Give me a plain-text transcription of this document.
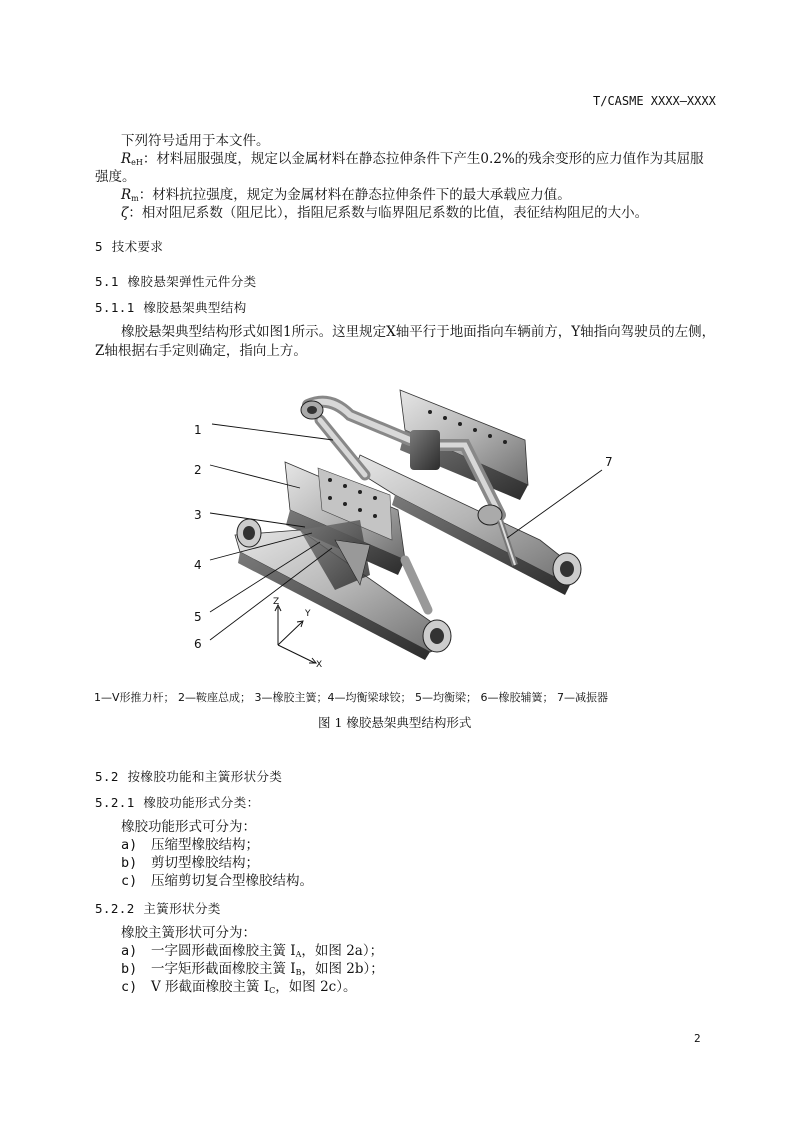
T/CASME XXXX—XXXX
下列符号适用于本文件。
$R_{eH}$：材料屈服强度，规定以金属材料在静态拉伸条件下产生0.2%的残余变形的应力值作为其屈服
强度。
$R_m$：材料抗拉强度，规定为金属材料在静态拉伸条件下的最大承载应力值。
ζ：相对阻尼系数（阻尼比），指阻尼系数与临界阻尼系数的比值，表征结构阻尼的大小。
5 技术要求
5.1 橡胶悬架弹性元件分类
5.1.1 橡胶悬架典型结构
橡胶悬架典型结构形式如图1所示。这里规定X轴平行于地面指向车辆前方，Y轴指向驾驶员的左侧，
Z轴根据右手定则确定，指向上方。
1
2
3
4
5
6
7
Z
Y
X
1—V形推力杆； 2—鞍座总成； 3—橡胶主簧；4—均衡梁球铰； 5—均衡梁； 6—橡胶辅簧； 7—减振器
图 1 橡胶悬架典型结构形式
5.2 按橡胶功能和主簧形状分类
5.2.1 橡胶功能形式分类：
橡胶功能形式可分为：
a) 压缩型橡胶结构；
b) 剪切型橡胶结构；
c) 压缩剪切复合型橡胶结构。
5.2.2 主簧形状分类
橡胶主簧形状可分为：
a) 一字圆形截面橡胶主簧 $Ⅰ_A$，如图 2a）；
b) 一字矩形截面橡胶主簧 $Ⅰ_B$，如图 2b）；
c) V 形截面橡胶主簧 $Ⅰ_C$，如图 2c）。
2
